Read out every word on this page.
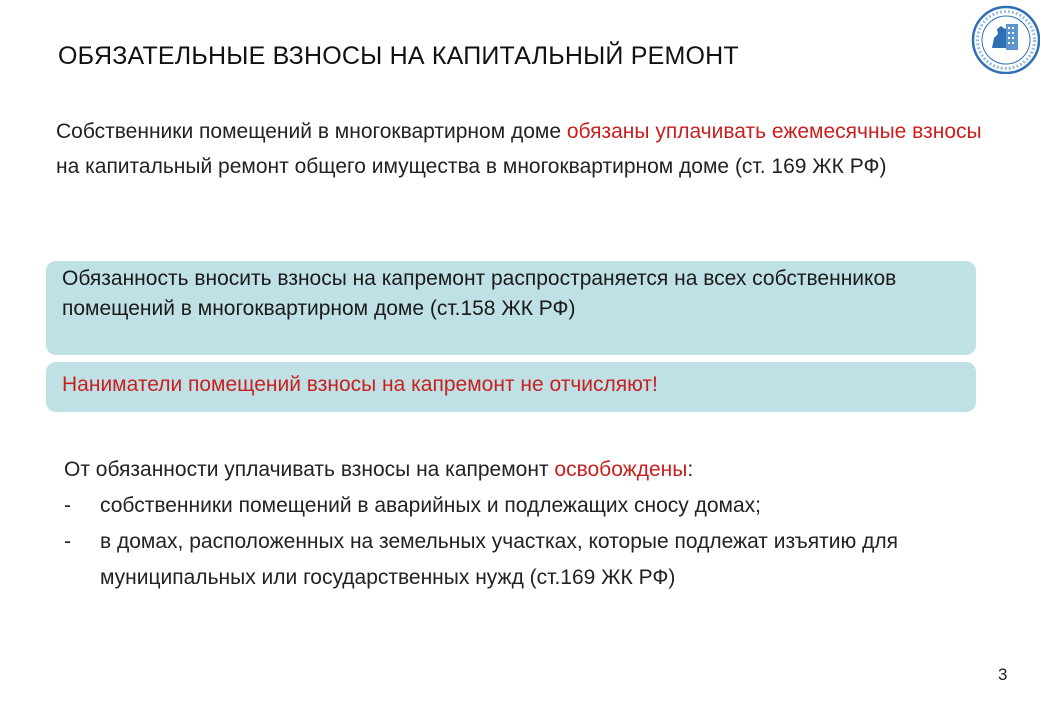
ОБЯЗАТЕЛЬНЫЕ ВЗНОСЫ НА КАПИТАЛЬНЫЙ РЕМОНТ
Собственники помещений в многоквартирном доме обязаны уплачивать ежемесячные взносы на капитальный ремонт общего имущества в многоквартирном доме (ст. 169 ЖК РФ)
Обязанность вносить взносы на капремонт распространяется на всех собственников помещений в многоквартирном доме (ст.158 ЖК РФ)
Наниматели помещений взносы на капремонт не отчисляют!
От обязанности уплачивать взносы на капремонт освобождены:
- собственники помещений в аварийных и подлежащих сносу домах;
- в домах, расположенных на земельных участках, которые подлежат изъятию для муниципальных или государственных нужд (ст.169 ЖК РФ)
3
